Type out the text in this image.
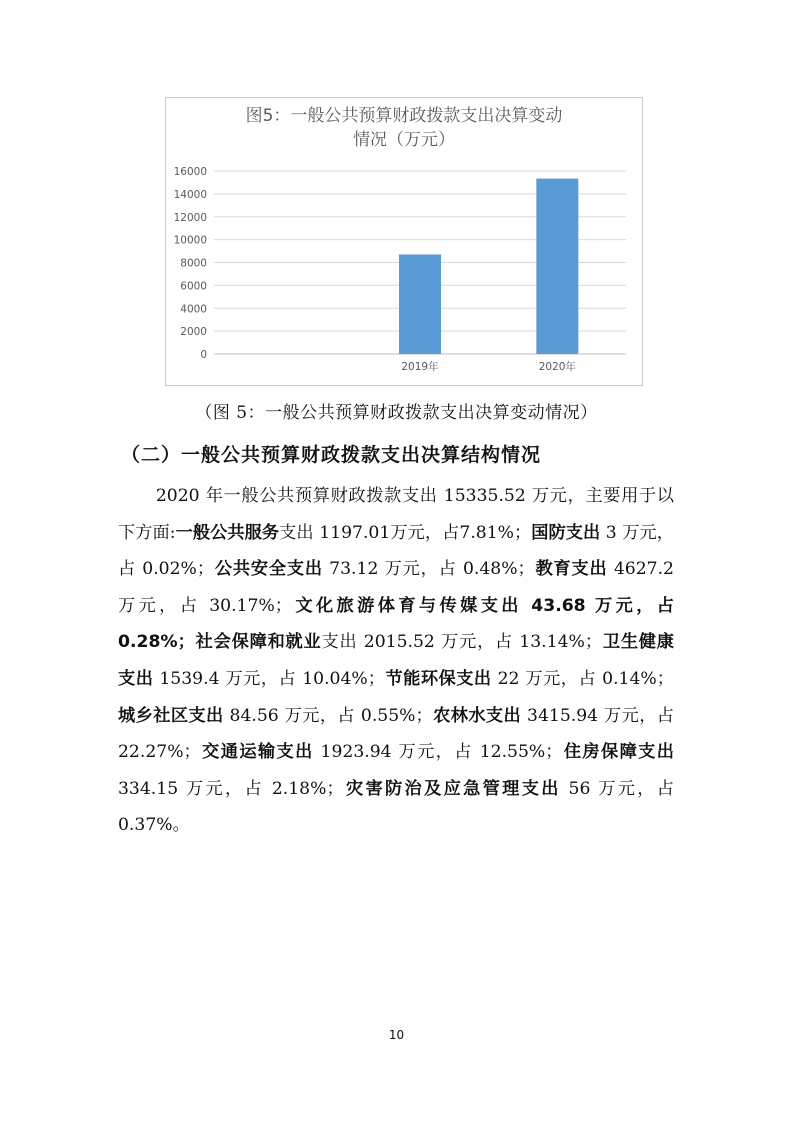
图5：一般公共预算财政拨款支出决算变动
情况（万元）
0
2000
4000
6000
8000
10000
12000
14000
16000
2019年	2020年
（图 5：一般公共预算财政拨款支出决算变动情况）
（二）一般公共预算财政拨款支出决算结构情况

2020 年一般公共预算财政拨款支出 15335.52 万元，主要用于以下方面:一般公共服务支出 1197.01万元，占7.81%；国防支出 3 万元，占 0.02%；公共安全支出 73.12 万元，占 0.48%；教育支出 4627.2 万元，占 30.17%；文化旅游体育与传媒支出 43.68 万元，占 0.28%；社会保障和就业支出 2015.52 万元，占 13.14%；卫生健康支出 1539.4 万元，占 10.04%；节能环保支出 22 万元，占 0.14%；城乡社区支出 84.56 万元，占 0.55%；农林水支出 3415.94 万元，占 22.27%；交通运输支出 1923.94 万元，占 12.55%；住房保障支出 334.15 万元，占 2.18%；灾害防治及应急管理支出 56 万元，占 0.37%。

10
